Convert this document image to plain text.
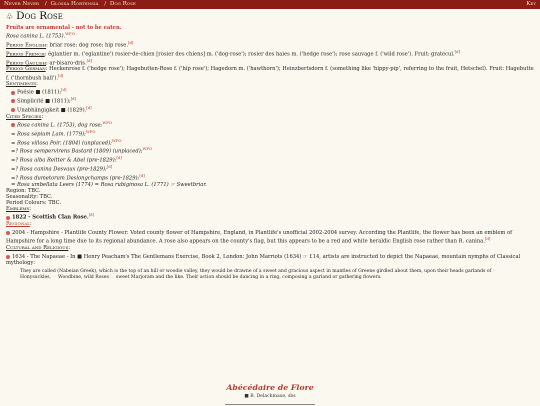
Never Never / Glossa Hortensia / Dog Rose	Key
♧ Dog Rose

Fruits are ornamental - not to be eaten.

Rosa canina L. (1753).$^{WFO}$

Period English: briar rose; dog rose; hip rose.[d]

Period French: églantier m. ('eglantine') rosier-de-chien [rosier des chiens] m. ('dog-rose'); rosier des haies m. ('hedge rose'); rose sauvage f. ('wild rose'). Fruit: gratecul.[d]

Period Gaulish: ar-bisaro-dris.[d]

Period German: Heckenrose f. ('hedge rose'); Hagebutten-Rose f. ('hip rose'); Hagedorn m. ('hawthorn'); Heinzbertsdorn f. (something like 'hippy-pip', referring to the fruit, Hetschel). Fruit: Hagebutte f. ('thornbush ball').[d]

Sentiments:

Poésie ■ (1811);[d]

Simplicité ■ (1811);[d]

Unabhängigkeit ■ (1829).[d]

Cited Species:

Rosa canina L. (1753), dog rose;$^{WFO}$

= Rosa sepium Lam. (1779);$^{WFO}$

= Rosa villosa Poir. (1804) (unplaced);$^{WFO}$

=? Rosa sempervirens Bastard (1809) (unplaced);$^{WFO}$

=? Rosa alba Reitter & Abel (pre-1829);[d]

=? Rosa canina Desvaux (pre-1829);[d]

=? Rosa dumetorum Deslongchamps (pre-1829);[d]

= Rosa umbellata Leers (1774) = Rosa rubiginosa L. (1771) ☞ Sweetbriar.

Region: TBC.

Seasonality: TBC.

Period Colours: TBC.

Emblems:

1822 - Scottish Clan Rose.[d]

Regional:

2004 - Hampshire - Plantlife County Flower: Voted county flower of Hampshire, England, in Plantlife's unofficial 2002-2004 survey. According the Plantlife, the flower has been an emblem of Hampshire for a long time due to its regional abundance. A rose also appears on the county's flag, but this appears to be a red and white heraldic English rose rather than R. canina.[d]

Cultural and Religious:

1634 - The Napaeae - In ■ Henry Peacham's The Gentlemans Exercise, Book 2, London: John Marriots (1634) ☞ f.14, artists are instructed to depict the Napaeae, mountain nymphs of Classical mythology:

They are called (Nabeian Greek), which is the top of an hill or woodie valley, they would be drawne of a sweet and gracious aspect in mantles of Greene girdled about them, upon their heads garlands of ☞ Honysuckles, ☞ Woodbine, wild Roses ☞ sweet Marjoram and the like. Their action should be dancing in a ring, composing a garland or gathering flowers.

Abécédaire de Flore
■ B. Delachmaxe, sbs
